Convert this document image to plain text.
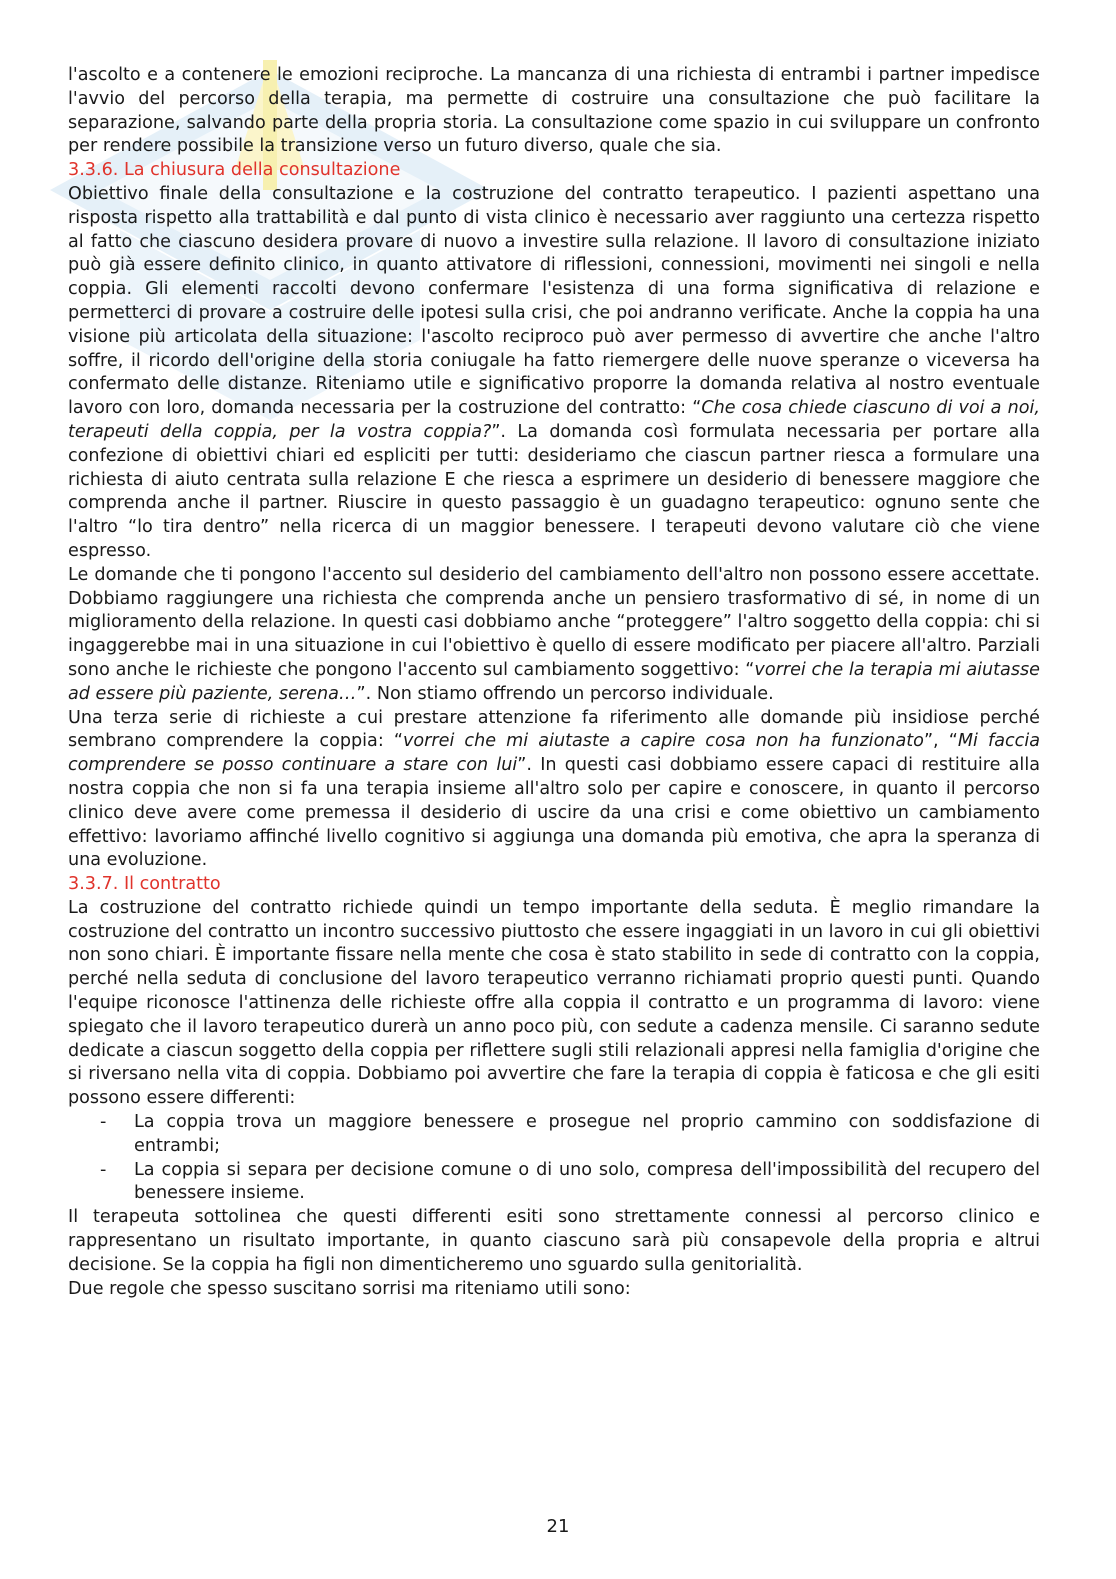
l'ascolto e a contenere le emozioni reciproche. La mancanza di una richiesta di entrambi i partner impedisce l'avvio del percorso della terapia, ma permette di costruire una consultazione che può facilitare la separazione, salvando parte della propria storia. La consultazione come spazio in cui sviluppare un confronto per rendere possibile la transizione verso un futuro diverso, quale che sia.

3.3.6. La chiusura della consultazione

Obiettivo finale della consultazione e la costruzione del contratto terapeutico. I pazienti aspettano una risposta rispetto alla trattabilità e dal punto di vista clinico è necessario aver raggiunto una certezza rispetto al fatto che ciascuno desidera provare di nuovo a investire sulla relazione. Il lavoro di consultazione iniziato può già essere definito clinico, in quanto attivatore di riflessioni, connessioni, movimenti nei singoli e nella coppia. Gli elementi raccolti devono confermare l'esistenza di una forma significativa di relazione e permetterci di provare a costruire delle ipotesi sulla crisi, che poi andranno verificate. Anche la coppia ha una visione più articolata della situazione: l'ascolto reciproco può aver permesso di avvertire che anche l'altro soffre, il ricordo dell'origine della storia coniugale ha fatto riemergere delle nuove speranze o viceversa ha confermato delle distanze. Riteniamo utile e significativo proporre la domanda relativa al nostro eventuale lavoro con loro, domanda necessaria per la costruzione del contratto: “Che cosa chiede ciascuno di voi a noi, terapeuti della coppia, per la vostra coppia?”. La domanda così formulata necessaria per portare alla confezione di obiettivi chiari ed espliciti per tutti: desideriamo che ciascun partner riesca a formulare una richiesta di aiuto centrata sulla relazione E che riesca a esprimere un desiderio di benessere maggiore che comprenda anche il partner. Riuscire in questo passaggio è un guadagno terapeutico: ognuno sente che l'altro “lo tira dentro” nella ricerca di un maggior benessere. I terapeuti devono valutare ciò che viene espresso.

Le domande che ti pongono l'accento sul desiderio del cambiamento dell'altro non possono essere accettate. Dobbiamo raggiungere una richiesta che comprenda anche un pensiero trasformativo di sé, in nome di un miglioramento della relazione. In questi casi dobbiamo anche “proteggere” l'altro soggetto della coppia: chi si ingaggerebbe mai in una situazione in cui l'obiettivo è quello di essere modificato per piacere all'altro. Parziali sono anche le richieste che pongono l'accento sul cambiamento soggettivo: “vorrei che la terapia mi aiutasse ad essere più paziente, serena…”. Non stiamo offrendo un percorso individuale.

Una terza serie di richieste a cui prestare attenzione fa riferimento alle domande più insidiose perché sembrano comprendere la coppia: “vorrei che mi aiutaste a capire cosa non ha funzionato”, “Mi faccia comprendere se posso continuare a stare con lui”. In questi casi dobbiamo essere capaci di restituire alla nostra coppia che non si fa una terapia insieme all'altro solo per capire e conoscere, in quanto il percorso clinico deve avere come premessa il desiderio di uscire da una crisi e come obiettivo un cambiamento effettivo: lavoriamo affinché livello cognitivo si aggiunga una domanda più emotiva, che apra la speranza di una evoluzione.

3.3.7. Il contratto

La costruzione del contratto richiede quindi un tempo importante della seduta. È meglio rimandare la costruzione del contratto un incontro successivo piuttosto che essere ingaggiati in un lavoro in cui gli obiettivi non sono chiari. È importante fissare nella mente che cosa è stato stabilito in sede di contratto con la coppia, perché nella seduta di conclusione del lavoro terapeutico verranno richiamati proprio questi punti. Quando l'equipe riconosce l'attinenza delle richieste offre alla coppia il contratto e un programma di lavoro: viene spiegato che il lavoro terapeutico durerà un anno poco più, con sedute a cadenza mensile. Ci saranno sedute dedicate a ciascun soggetto della coppia per riflettere sugli stili relazionali appresi nella famiglia d'origine che si riversano nella vita di coppia. Dobbiamo poi avvertire che fare la terapia di coppia è faticosa e che gli esiti possono essere differenti:

- La coppia trova un maggiore benessere e prosegue nel proprio cammino con soddisfazione di entrambi;
- La coppia si separa per decisione comune o di uno solo, compresa dell'impossibilità del recupero del benessere insieme.

Il terapeuta sottolinea che questi differenti esiti sono strettamente connessi al percorso clinico e rappresentano un risultato importante, in quanto ciascuno sarà più consapevole della propria e altrui decisione. Se la coppia ha figli non dimenticheremo uno sguardo sulla genitorialità.

Due regole che spesso suscitano sorrisi ma riteniamo utili sono:

21
